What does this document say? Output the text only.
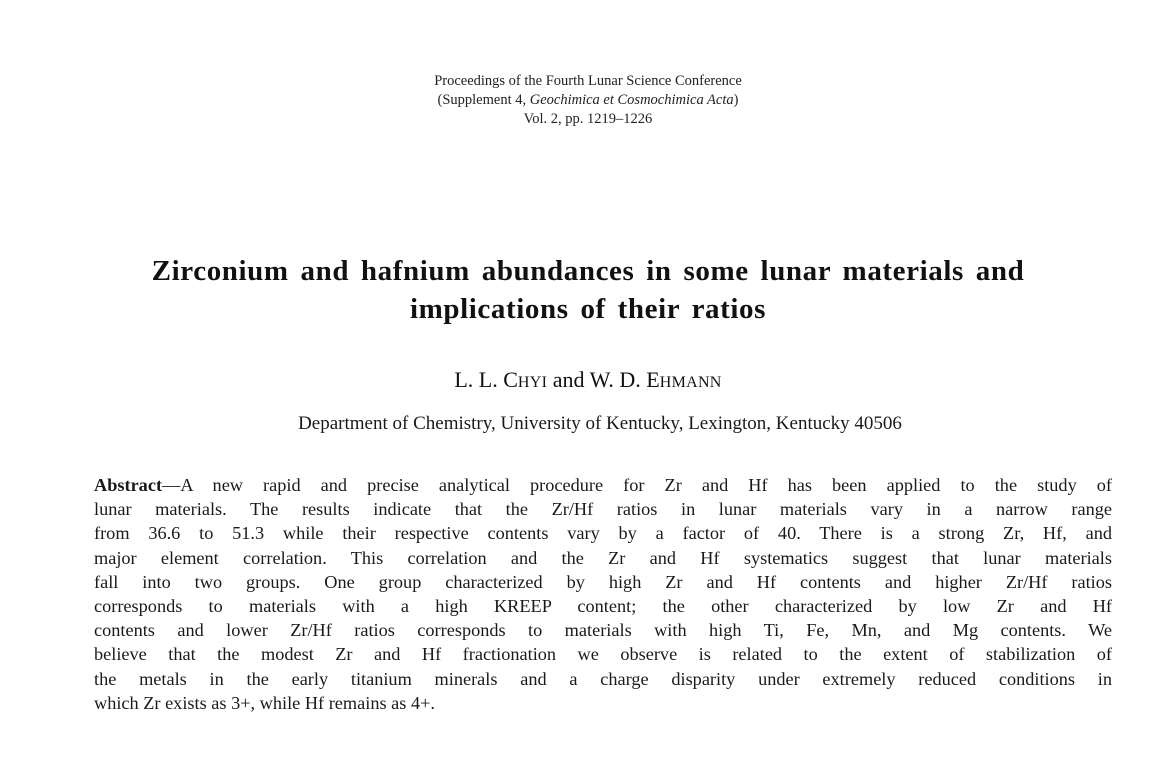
Proceedings of the Fourth Lunar Science Conference
(Supplement 4, Geochimica et Cosmochimica Acta)
Vol. 2, pp. 1219–1226
Zirconium and hafnium abundances in some lunar materials and
implications of their ratios
L. L. CHYI and W. D. EHMANN
Department of Chemistry, University of Kentucky, Lexington, Kentucky 40506
Abstract—A new rapid and precise analytical procedure for Zr and Hf has been applied to the study of
lunar materials. The results indicate that the Zr/Hf ratios in lunar materials vary in a narrow range
from 36.6 to 51.3 while their respective contents vary by a factor of 40. There is a strong Zr, Hf, and
major element correlation. This correlation and the Zr and Hf systematics suggest that lunar materials
fall into two groups. One group characterized by high Zr and Hf contents and higher Zr/Hf ratios
corresponds to materials with a high KREEP content; the other characterized by low Zr and Hf
contents and lower Zr/Hf ratios corresponds to materials with high Ti, Fe, Mn, and Mg contents. We
believe that the modest Zr and Hf fractionation we observe is related to the extent of stabilization of
the metals in the early titanium minerals and a charge disparity under extremely reduced conditions in
which Zr exists as 3+, while Hf remains as 4+.
